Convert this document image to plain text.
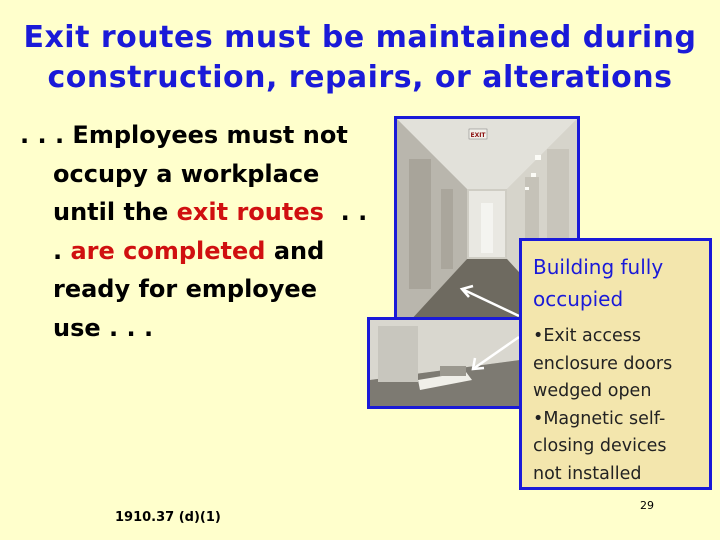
Exit routes must be maintained during
construction, repairs, or alterations
. . . Employees must not
occupy a workplace
until the exit routes  . .
. are completed and
ready for employee
use . . .
EXIT
Building fully
occupied
•Exit access
enclosure doors
wedged open
•Magnetic self-
closing devices
not installed
1910.37 (d)(1)
29
